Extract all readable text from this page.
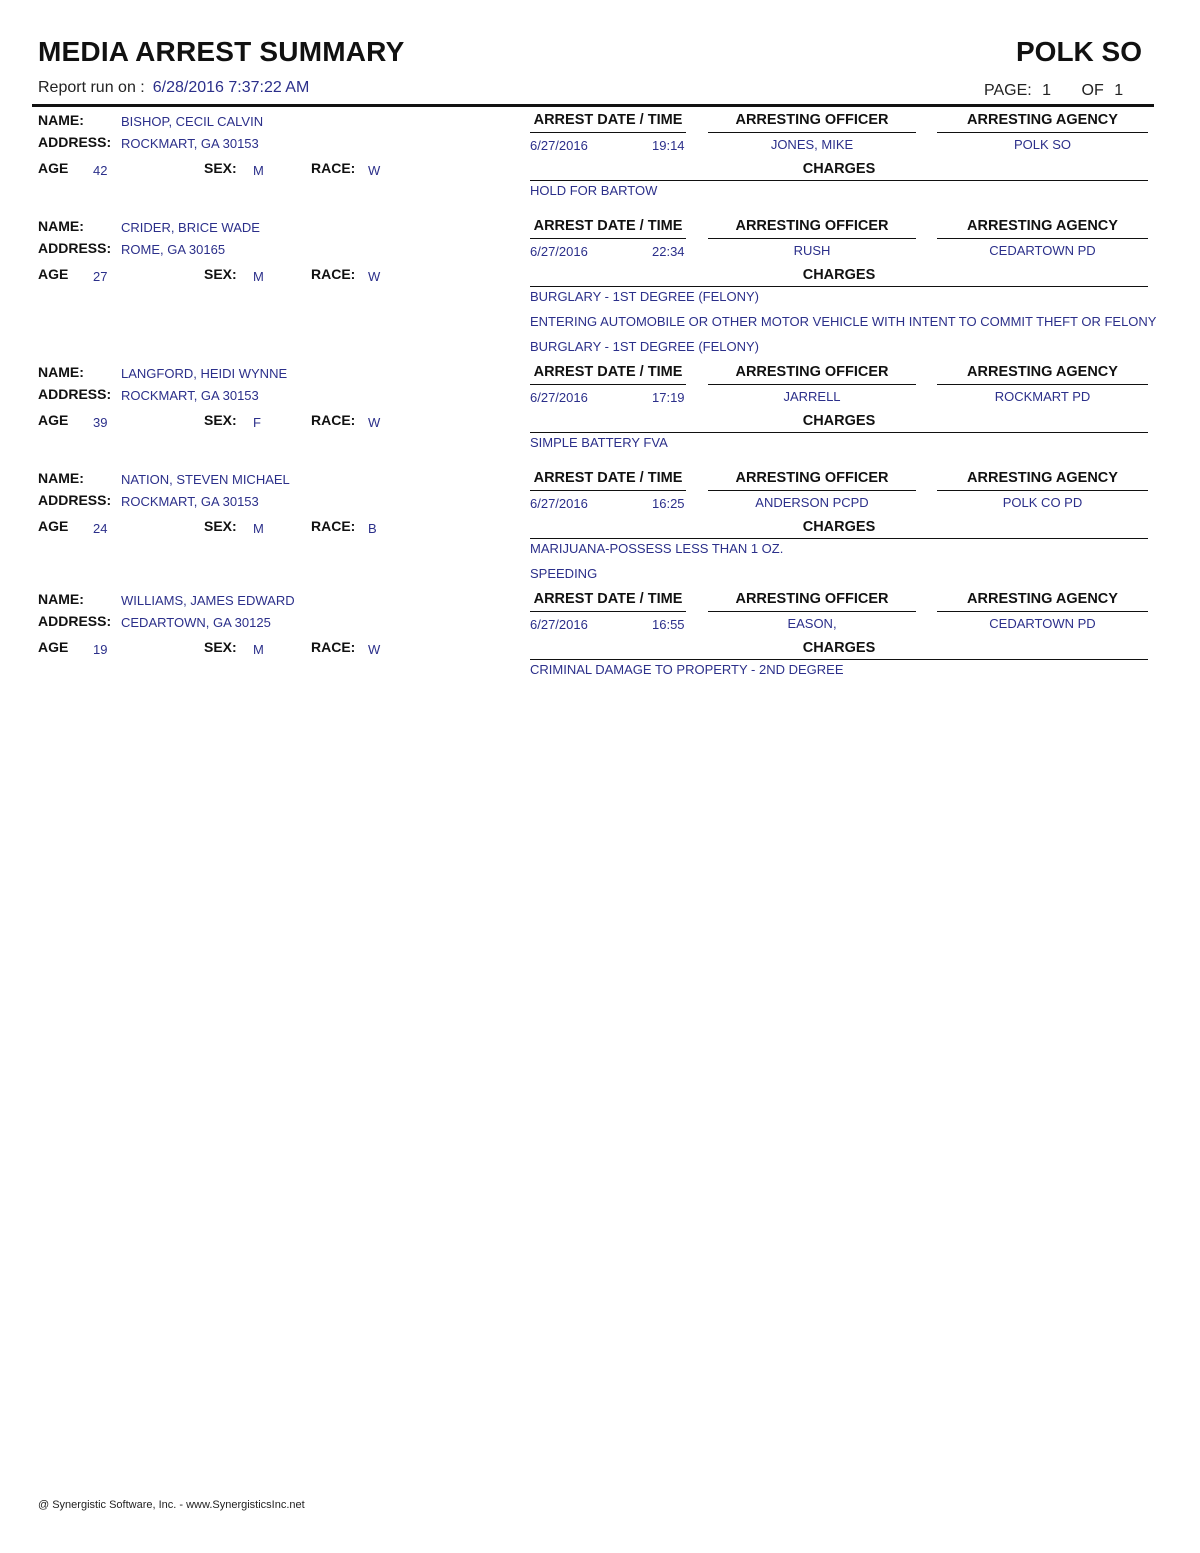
MEDIA ARREST SUMMARY	POLK SO
Report run on : 6/28/2016 7:37:22 AM	PAGE: 1 OF 1
NAME:	BISHOP, CECIL CALVIN
ADDRESS: ROCKMART, GA 30153
AGE 42	SEX: M	RACE: W
ARREST DATE / TIME	ARRESTING OFFICER	ARRESTING AGENCY
6/27/2016	19:14	JONES, MIKE	POLK SO
CHARGES
HOLD FOR BARTOW
NAME:	CRIDER, BRICE WADE
ADDRESS: ROME, GA 30165
AGE 27	SEX: M	RACE: W
ARREST DATE / TIME	ARRESTING OFFICER	ARRESTING AGENCY
6/27/2016	22:34	RUSH	CEDARTOWN PD
CHARGES
BURGLARY - 1ST DEGREE (FELONY)
ENTERING AUTOMOBILE OR OTHER MOTOR VEHICLE WITH INTENT TO COMMIT THEFT OR FELONY
BURGLARY - 1ST DEGREE (FELONY)
NAME:	LANGFORD, HEIDI WYNNE
ADDRESS: ROCKMART, GA 30153
AGE 39	SEX: F	RACE: W
ARREST DATE / TIME	ARRESTING OFFICER	ARRESTING AGENCY
6/27/2016	17:19	JARRELL	ROCKMART PD
CHARGES
SIMPLE BATTERY FVA
NAME:	NATION, STEVEN MICHAEL
ADDRESS: ROCKMART, GA 30153
AGE 24	SEX: M	RACE: B
ARREST DATE / TIME	ARRESTING OFFICER	ARRESTING AGENCY
6/27/2016	16:25	ANDERSON PCPD	POLK CO PD
CHARGES
MARIJUANA-POSSESS LESS THAN 1 OZ.
SPEEDING
NAME:	WILLIAMS, JAMES EDWARD
ADDRESS: CEDARTOWN, GA 30125
AGE 19	SEX: M	RACE: W
ARREST DATE / TIME	ARRESTING OFFICER	ARRESTING AGENCY
6/27/2016	16:55	EASON,	CEDARTOWN PD
CHARGES
CRIMINAL DAMAGE TO PROPERTY - 2ND DEGREE
@ Synergistic Software, Inc. - www.SynergisticsInc.net
